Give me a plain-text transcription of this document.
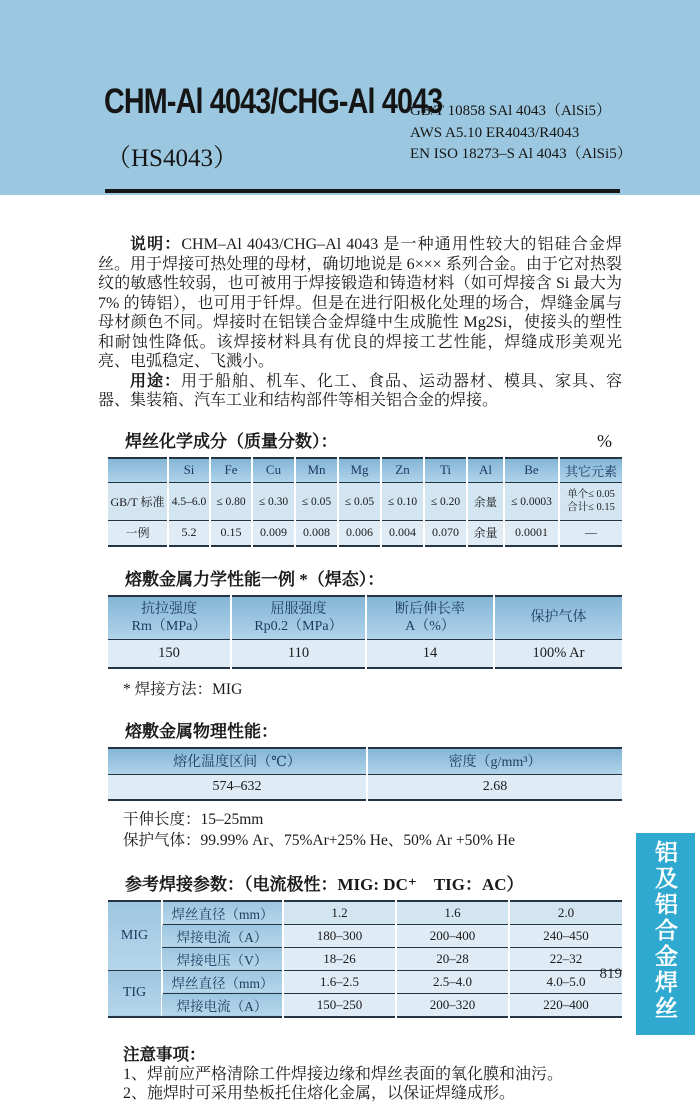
CHM-Al 4043/CHG-Al 4043
（HS4043）
GB/T 10858 SAl 4043（AlSi5）
AWS A5.10 ER4043/R4043
EN ISO 18273–S Al 4043（AlSi5）

说明：CHM–Al 4043/CHG–Al 4043 是一种通用性较大的铝硅合金焊丝。用于焊接可热处理的母材，确切地说是 6××× 系列合金。由于它对热裂纹的敏感性较弱，也可被用于焊接锻造和铸造材料（如可焊接含 Si 最大为 7% 的铸铝），也可用于钎焊。但是在进行阳极化处理的场合，焊缝金属与母材颜色不同。焊接时在铝镁合金焊缝中生成脆性 Mg2Si，使接头的塑性和耐蚀性降低。该焊接材料具有优良的焊接工艺性能，焊缝成形美观光亮、电弧稳定、飞溅小。

用途：用于船舶、机车、化工、食品、运动器材、模具、家具、容器、集装箱、汽车工业和结构部件等相关铝合金的焊接。

焊丝化学成分（质量分数）：	%
	Si	Fe	Cu	Mn	Mg	Zn	Ti	Al	Be	其它元素
GB/T 标准	4.5–6.0	≤ 0.80	≤ 0.30	≤ 0.05	≤ 0.05	≤ 0.10	≤ 0.20	余量	≤ 0.0003	单个≤ 0.05
合计≤ 0.15

一例	5.2	0.15	0.009	0.008	0.006	0.004	0.070	余量	0.0001	—
熔敷金属力学性能一例 *（焊态）：
抗拉强度
Rm（MPa）

屈服强度
Rp0.2（MPa）

断后伸长率
A（%）

保护气体

150	110	14	100% Ar
* 焊接方法：MIG
熔敷金属物理性能：
熔化温度区间（℃）	密度（g/mm³）
574–632	2.68
干伸长度：15–25mm
保护气体：99.99% Ar、75%Ar+25% He、50% Ar +50% He
参考焊接参数：（电流极性：MIG: DC⁺　TIG：AC）
MIG	焊丝直径（mm）	1.2	1.6	2.0
	焊接电流（A）	180–300	200–400	240–450
	焊接电压（V）	18–26	20–28	22–32
TIG	焊丝直径（mm）	1.6–2.5	2.5–4.0	4.0–5.0
	焊接电流（A）	150–250	200–320	220–400
注意事项：
1、焊前应严格清除工件焊接边缘和焊丝表面的氧化膜和油污。
2、施焊时可采用垫板托住熔化金属，以保证焊缝成形。
819 铝及铝合金焊丝
